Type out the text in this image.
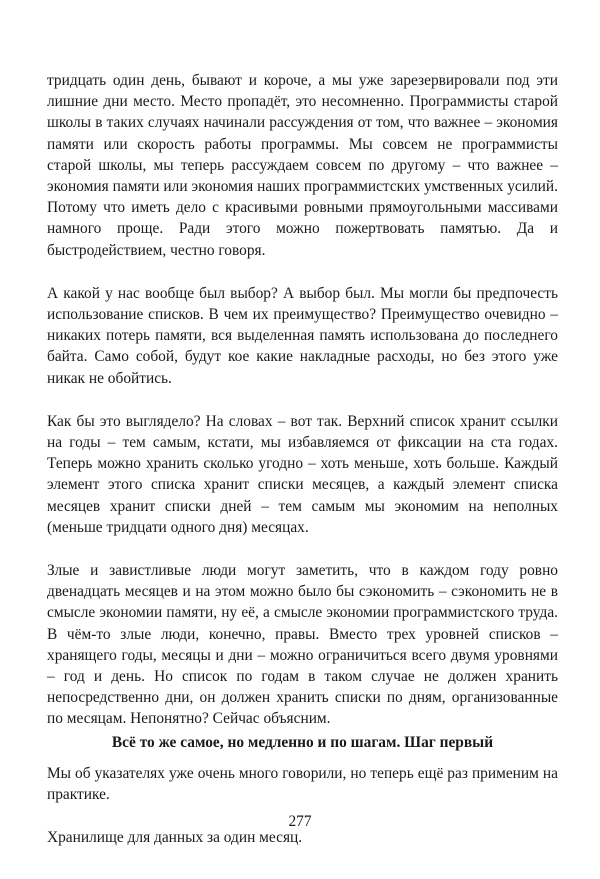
тридцать один день, бывают и короче, а мы уже зарезервировали под эти лишние дни место. Место пропадёт, это несомненно. Программисты старой школы в таких случаях начинали рассуждения от том, что важнее – экономия памяти или скорость работы программы. Мы совсем не программисты старой школы, мы теперь рассуждаем совсем по другому – что важнее – экономия памяти или экономия наших программистских умственных усилий. Потому что иметь дело с красивыми ровными прямоугольными массивами намного проще. Ради этого можно пожертвовать памятью. Да и быстродействием, честно говоря.

А какой у нас вообще был выбор? А выбор был. Мы могли бы предпочесть использование списков. В чем их преимущество? Преимущество очевидно – никаких потерь памяти, вся выделенная память использована до последнего байта. Само собой, будут кое какие накладные расходы, но без этого уже никак не обойтись.

Как бы это выглядело? На словах – вот так. Верхний список хранит ссылки на годы – тем самым, кстати, мы избавляемся от фиксации на ста годах. Теперь можно хранить сколько угодно – хоть меньше, хоть больше. Каждый элемент этого списка хранит списки месяцев, а каждый элемент списка месяцев хранит списки дней – тем самым мы экономим на неполных (меньше тридцати одного дня) месяцах.

Злые и завистливые люди могут заметить, что в каждом году ровно двенадцать месяцев и на этом можно было бы сэкономить – сэкономить не в смысле экономии памяти, ну её, а смысле экономии программистского труда. В чём-то злые люди, конечно, правы. Вместо трех уровней списков – хранящего годы, месяцы и дни – можно ограничиться всего двумя уровнями – год и день. Но список по годам в таком случае не должен хранить непосредственно дни, он должен хранить списки по дням, организованные по месяцам. Непонятно? Сейчас объясним.

Всё то же самое, но медленно и по шагам. Шаг первый

Мы об указателях уже очень много говорили, но теперь ещё раз применим на практике.

Хранилище для данных за один месяц.

277
